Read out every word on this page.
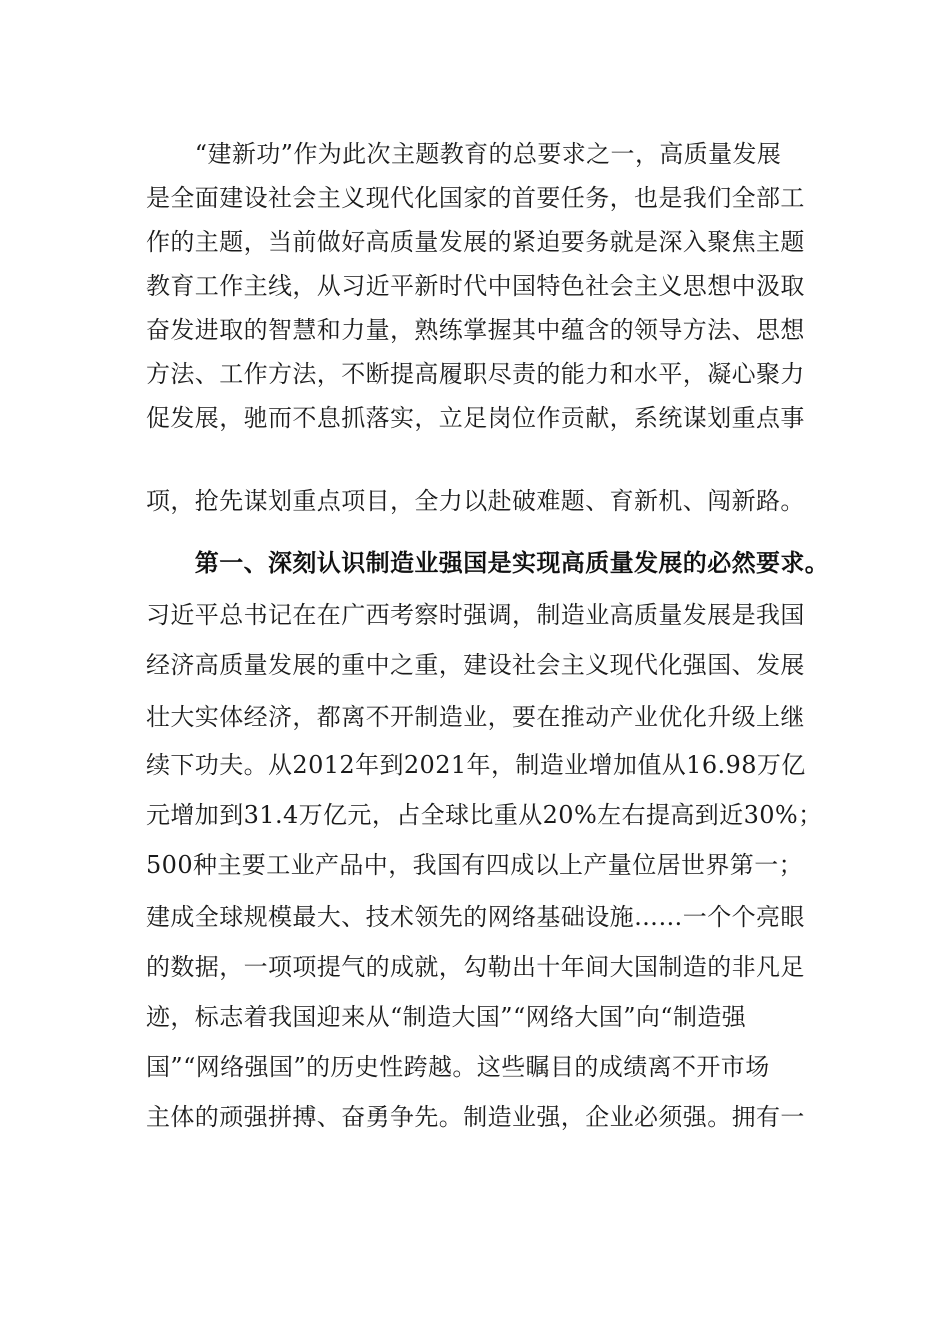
　　“建新功”作为此次主题教育的总要求之一，高质量发展
是全面建设社会主义现代化国家的首要任务，也是我们全部工
作的主题，当前做好高质量发展的紧迫要务就是深入聚焦主题
教育工作主线，从习近平新时代中国特色社会主义思想中汲取
奋发进取的智慧和力量，熟练掌握其中蕴含的领导方法、思想
方法、工作方法，不断提高履职尽责的能力和水平，凝心聚力
促发展，驰而不息抓落实，立足岗位作贡献，系统谋划重点事
项，抢先谋划重点项目，全力以赴破难题、育新机、闯新路。
　　第一、深刻认识制造业强国是实现高质量发展的必然要求。
习近平总书记在在广西考察时强调，制造业高质量发展是我国
经济高质量发展的重中之重，建设社会主义现代化强国、发展
壮大实体经济，都离不开制造业，要在推动产业优化升级上继
续下功夫。从2012年到2021年，制造业增加值从16.98万亿
元增加到31.4万亿元，占全球比重从20%左右提高到近30%；
500种主要工业产品中，我国有四成以上产量位居世界第一；
建成全球规模最大、技术领先的网络基础设施……一个个亮眼
的数据，一项项提气的成就，勾勒出十年间大国制造的非凡足
迹，标志着我国迎来从“制造大国”“网络大国”向“制造强
国”“网络强国”的历史性跨越。这些瞩目的成绩离不开市场
主体的顽强拼搏、奋勇争先。制造业强，企业必须强。拥有一
